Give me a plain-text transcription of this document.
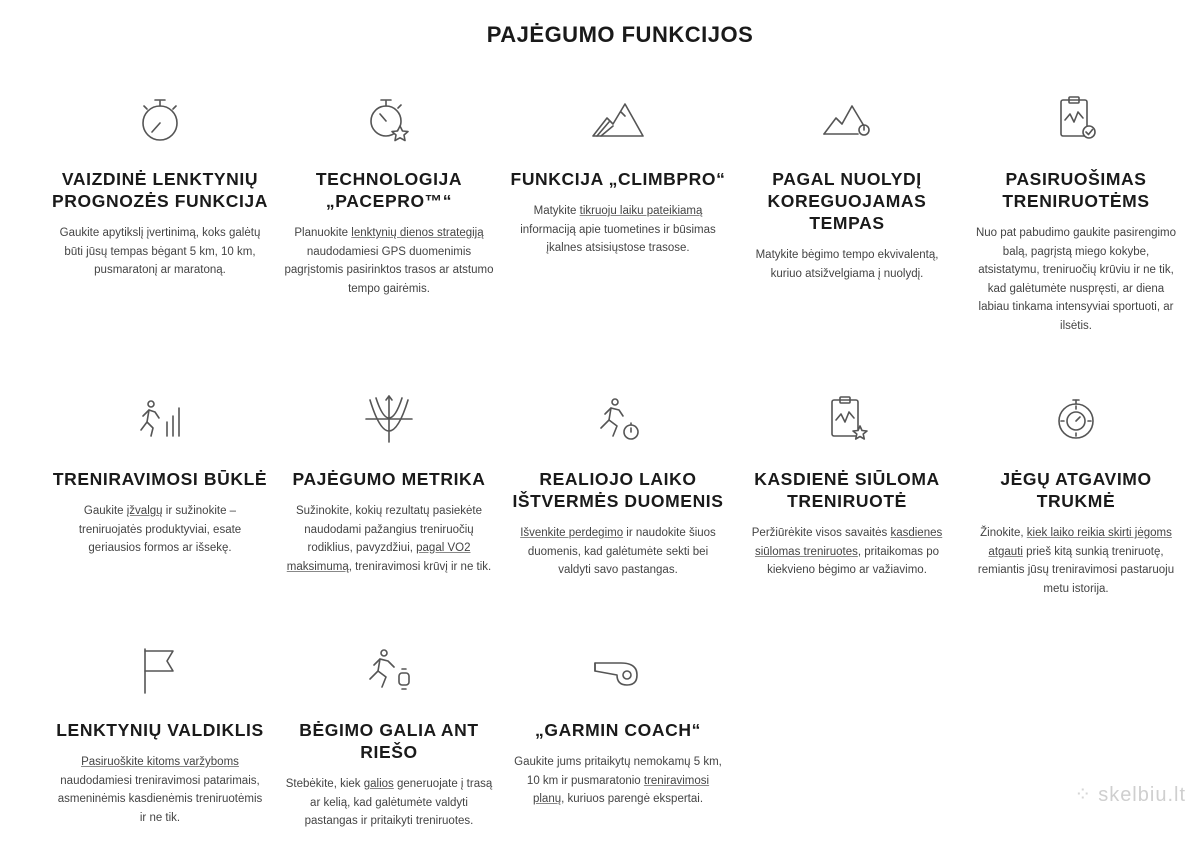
PAJĖGUMO FUNKCIJOS
VAIZDINĖ LENKTYNIŲ PROGNOZĖS FUNKCIJA
Gaukite apytikslį įvertinimą, koks galėtų būti jūsų tempas bėgant 5 km, 10 km, pusmaratonį ar maratoną.
TECHNOLOGIJA „PACEPRO™“
Planuokite lenktynių dienos strategiją naudodamiesi GPS duomenimis pagrįstomis pasirinktos trasos ar atstumo tempo gairėmis.
FUNKCIJA „CLIMBPRO“
Matykite tikruoju laiku pateikiamą informaciją apie tuometines ir būsimas įkalnes atsisiųstose trasose.
PAGAL NUOLYDĮ KOREGUOJAMAS TEMPAS
Matykite bėgimo tempo ekvivalentą, kuriuo atsižvelgiama į nuolydį.
PASIRUOŠIMAS TRENIRUOTĖMS
Nuo pat pabudimo gaukite pasirengimo balą, pagrįstą miego kokybe, atsistatymu, treniruočių krūviu ir ne tik, kad galėtumėte nuspręsti, ar diena labiau tinkama intensyviai sportuoti, ar ilsėtis.
TRENIRAVIMOSI BŪKLĖ
Gaukite įžvalgų ir sužinokite – treniruojatės produktyviai, esate geriausios formos ar išsekę.
PAJĖGUMO METRIKA
Sužinokite, kokių rezultatų pasiekėte naudodami pažangius treniruočių rodiklius, pavyzdžiui, pagal VO2 maksimumą, treniravimosi krūvį ir ne tik.
REALIOJO LAIKO IŠTVERMĖS DUOMENIS
Išvenkite perdegimo ir naudokite šiuos duomenis, kad galėtumėte sekti bei valdyti savo pastangas.
KASDIENĖ SIŪLOMA TRENIRUOTĖ
Peržiūrėkite visos savaitės kasdienes siūlomas treniruotes, pritaikomas po kiekvieno bėgimo ar važiavimo.
JĖGŲ ATGAVIMO TRUKMĖ
Žinokite, kiek laiko reikia skirti jėgoms atgauti prieš kitą sunkią treniruotę, remiantis jūsų treniravimosi pastaruoju metu istorija.
LENKTYNIŲ VALDIKLIS
Pasiruoškite kitoms varžyboms naudodamiesi treniravimosi patarimais, asmeninėmis kasdienėmis treniruotėmis ir ne tik.
BĖGIMO GALIA ANT RIEŠO
Stebėkite, kiek galios generuojate į trasą ar kelią, kad galėtumėte valdyti pastangas ir pritaikyti treniruotes.
„GARMIN COACH“
Gaukite jums pritaikytų nemokamų 5 km, 10 km ir pusmaratonio treniravimosi planų, kuriuos parengė ekspertai.	⁘ skelbiu.lt
